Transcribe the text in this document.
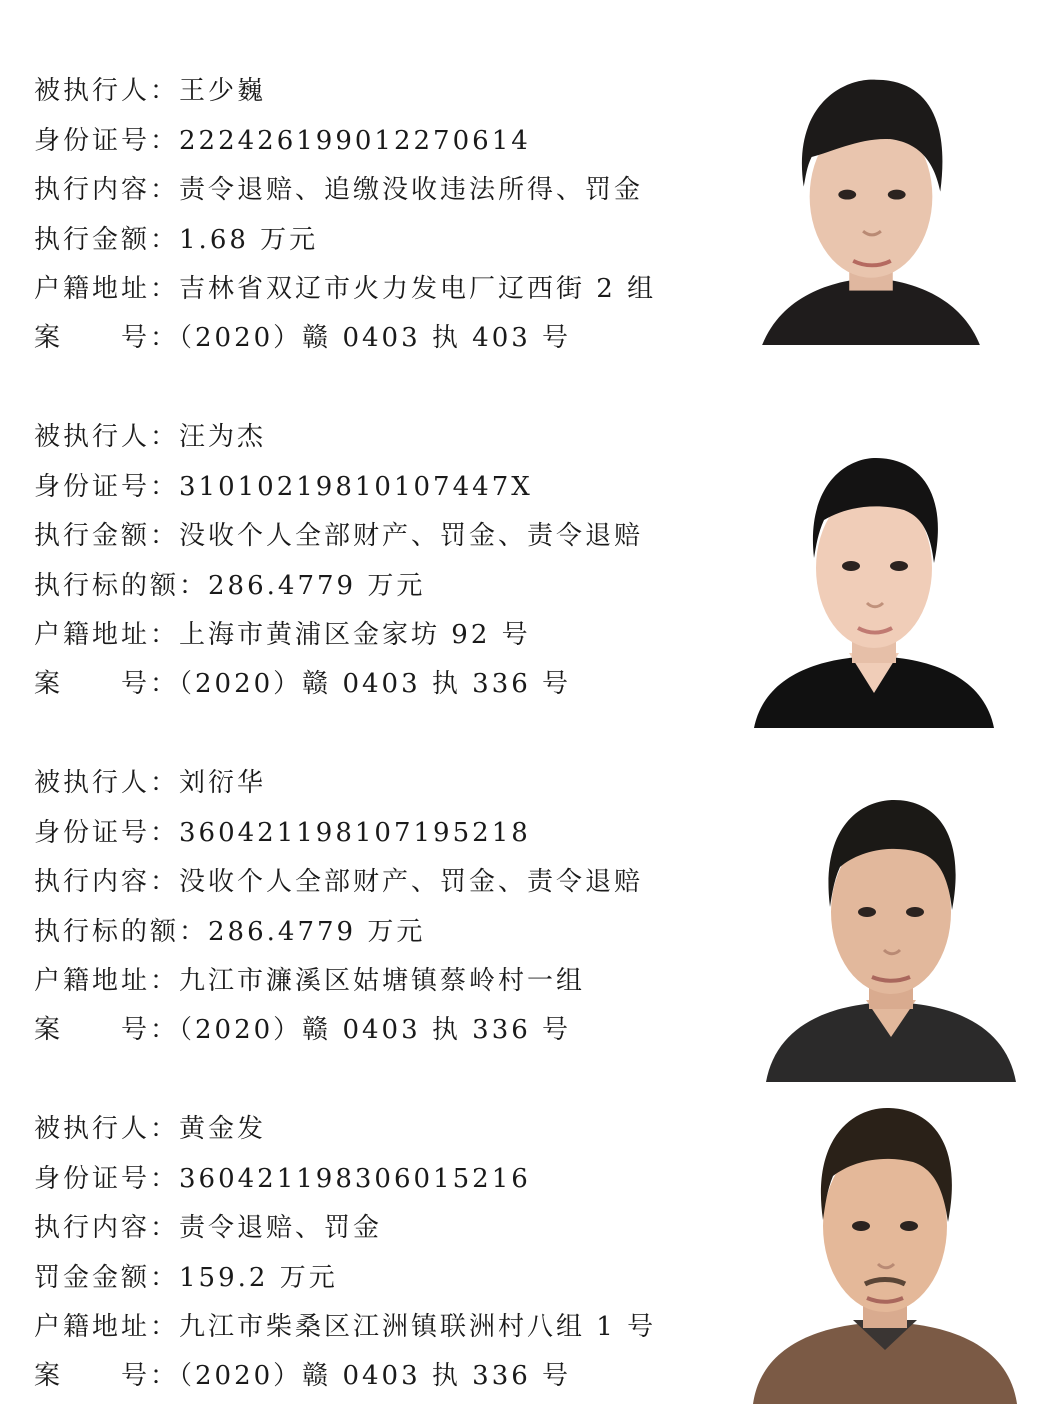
被执行人：王少巍
身份证号：222426199012270614
执行内容：责令退赔、追缴没收违法所得、罚金
执行金额：1.68 万元
户籍地址：吉林省双辽市火力发电厂辽西街 2 组
案　　号：（2020）赣 0403 执 403 号
被执行人：汪为杰
身份证号：31010219810107447X
执行金额：没收个人全部财产、罚金、责令退赔
执行标的额：286.4779 万元
户籍地址：上海市黄浦区金家坊 92 号
案　　号：（2020）赣 0403 执 336 号
被执行人：刘衍华
身份证号：360421198107195218
执行内容：没收个人全部财产、罚金、责令退赔
执行标的额：286.4779 万元
户籍地址：九江市濂溪区姑塘镇蔡岭村一组
案　　号：（2020）赣 0403 执 336 号
被执行人：黄金发
身份证号：360421198306015216
执行内容：责令退赔、罚金
罚金金额：159.2 万元
户籍地址：九江市柴桑区江洲镇联洲村八组 1 号
案　　号：（2020）赣 0403 执 336 号
